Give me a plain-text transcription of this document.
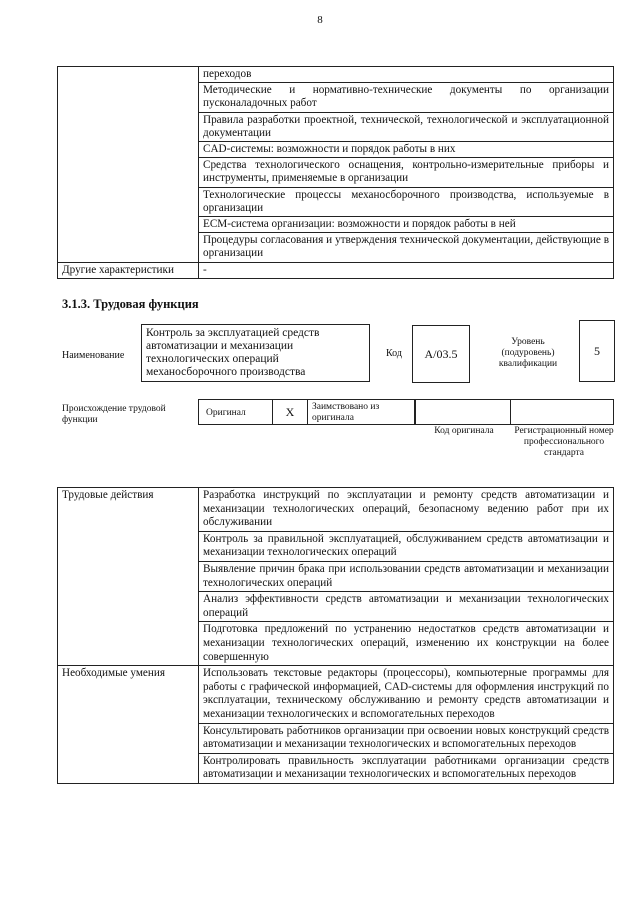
8
	переходов
	Методические и нормативно-технические документы по организации пусконаладочных работ
	Правила разработки проектной, технической, технологической и эксплуатационной документации
	CAD-системы: возможности и порядок работы в них
	Средства технологического оснащения, контрольно-измерительные приборы и инструменты, применяемые в организации
	Технологические процессы механосборочного производства, используемые в организации
	ECM-система организации: возможности и порядок работы в ней
	Процедуры согласования и утверждения технической документации, действующие в организации
Другие характеристики	-
3.1.3. Трудовая функция
Наименование
Контроль за эксплуатацией средств автоматизации и механизации технологических операций механосборочного производства
Код	А/03.5
Уровень (подуровень) квалификации
5
Происхождение трудовой функции
Оригинал	X	Заимствовано из оригинала
Код оригинала	Регистрационный номер профессионального стандарта
Трудовые действия	Разработка инструкций по эксплуатации и ремонту средств автоматизации и механизации технологических операций, безопасному ведению работ при их обслуживании
	Контроль за правильной эксплуатацией, обслуживанием средств автоматизации и механизации технологических операций
	Выявление причин брака при использовании средств автоматизации и механизации технологических операций
	Анализ эффективности средств автоматизации и механизации технологических операций
	Подготовка предложений по устранению недостатков средств автоматизации и механизации технологических операций, изменению их конструкции на более совершенную
Необходимые умения	Использовать текстовые редакторы (процессоры), компьютерные программы для работы с графической информацией, CAD-системы для оформления инструкций по эксплуатации, техническому обслуживанию и ремонту средств автоматизации и механизации технологических и вспомогательных переходов
	Консультировать работников организации при освоении новых конструкций средств автоматизации и механизации технологических и вспомогательных переходов
	Контролировать правильность эксплуатации работниками организации средств автоматизации и механизации технологических и вспомогательных переходов
